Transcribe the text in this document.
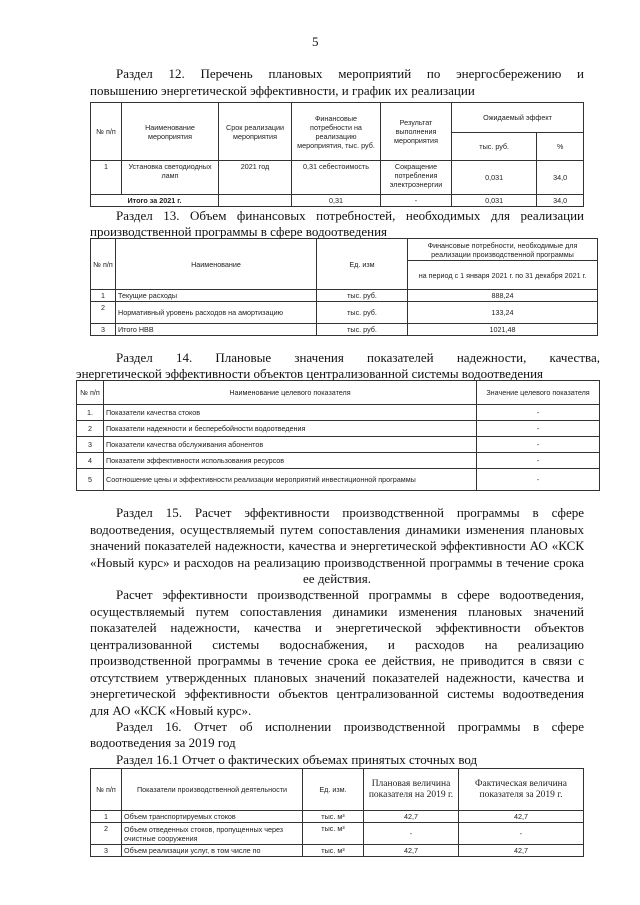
5
Раздел 12. Перечень плановых мероприятий по энергосбережению и
повышению энергетической эффективности, и график их реализации
№ п/п	Наименование мероприятия	Срок реализации мероприятия	Финансовые потребности на реализацию мероприятия, тыс. руб.	Результат выполнения мероприятия	Ожидаемый эффект	
					тыс. руб.	%
1	Установка светодиодных ламп	2021 год	0,31 себестоимость	Сокращение потребления электроэнергии	0,031	34,0
Итого за 2021 г.			0,31	-	0,031	34,0
Раздел 13. Объем финансовых потребностей, необходимых для реализации
производственной программы в сфере водоотведения
№ п/п	Наименование	Ед. изм	Финансовые потребности, необходимые для реализации производственной программы
			на период с 1 января 2021 г. по 31 декабря 2021 г.
1	Текущие расходы	тыс. руб.	888,24
2	Нормативный уровень расходов на амортизацию	тыс. руб.	133,24
3	Итого НВВ	тыс. руб.	1021,48
Раздел 14. Плановые значения показателей надежности, качества,
энергетической эффективности объектов централизованной системы водоотведения
№ п/п	Наименование целевого показателя	Значение целевого показателя
1.	Показатели качества стоков	-
2	Показатели надежности и бесперебойности водоотведения	-
3	Показатели качества обслуживания абонентов	-
4	Показатели эффективности использования ресурсов	-
5	Соотношение цены и эффективности реализации мероприятий инвестиционной программы	-
Раздел 15. Расчет эффективности производственной программы в сфере
водоотведения, осуществляемый путем сопоставления динамики изменения плановых
значений показателей надежности, качества и энергетической эффективности АО «КСК
«Новый курс» и расходов на реализацию производственной программы в течение срока
ее действия.
Расчет эффективности производственной программы в сфере водоотведения,
осуществляемый путем сопоставления динамики изменения плановых значений
показателей надежности, качества и энергетической эффективности объектов
централизованной системы водоснабжения, и расходов на реализацию
производственной программы в течение срока ее действия, не приводится в связи с
отсутствием утвержденных плановых значений показателей надежности, качества и
энергетической эффективности объектов централизованной системы водоотведения
для АО «КСК «Новый курс».
Раздел 16. Отчет об исполнении производственной программы в сфере
водоотведения за 2019 год
Раздел 16.1 Отчет о фактических объемах принятых сточных вод
№ п/п	Показатели производственной деятельности	Ед. изм.	Плановая величина показателя на 2019 г.	Фактическая величина показателя за 2019 г.
1	Объем транспортируемых стоков	тыс. м³	42,7	42,7
2	Объем отведенных стоков, пропущенных через очистные сооружения	тыс. м³	-	-
3	Объем реализации услуг, в том числе по	тыс. м³	42,7	42,7
